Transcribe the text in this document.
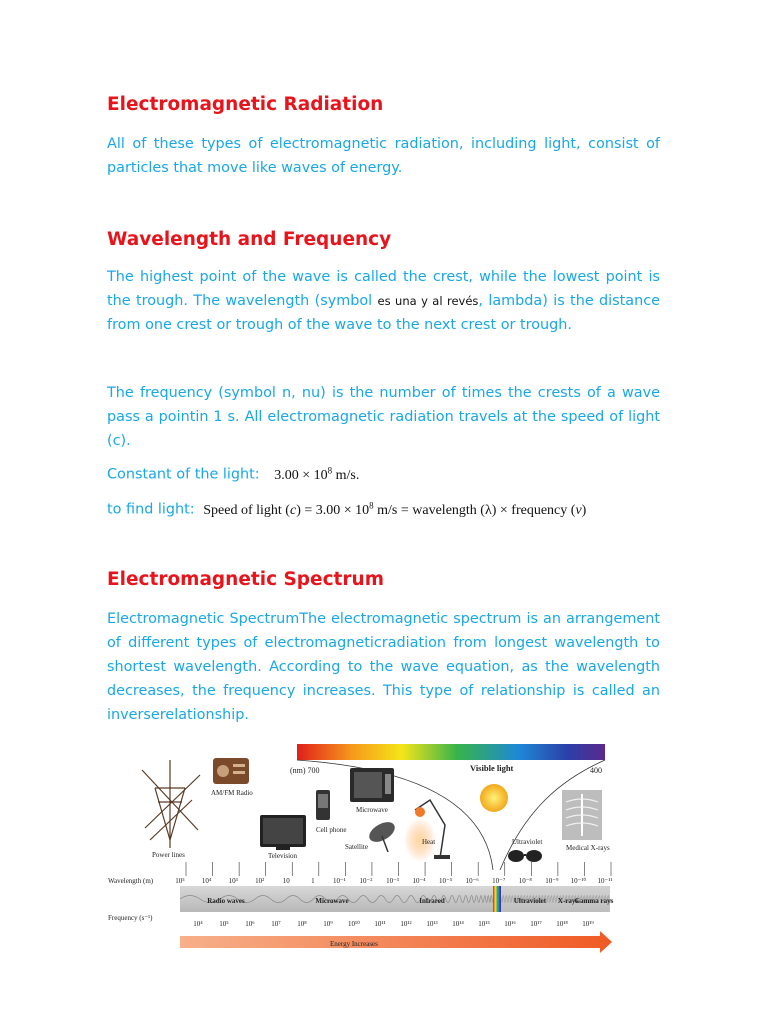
Electromagnetic Radiation

All of these types of electromagnetic radiation, including light, consist of particles that move like waves of energy.

Wavelength and Frequency

The highest point of the wave is called the crest, while the lowest point is the trough. The wavelength (symbol es una y al revés, lambda) is the distance from one crest or trough of the wave to the next crest or trough.

The frequency (symbol n, nu) is the number of times the crests of a wave pass a pointin 1 s. All electromagnetic radiation travels at the speed of light (c).

Constant of the light: $3.00 \times 10^8$ m/s.
to find light: Speed of light $(c) = 3.00 \times 10^8$ m/s = wavelength (λ) × frequency (ν)
Electromagnetic Spectrum

Electromagnetic SpectrumThe electromagnetic spectrum is an arrangement of different types of electromagneticradiation from longest wavelength to shortest wavelength. According to the wave equation, as the wavelength decreases, the frequency increases. This type of relationship is called an inverserelationship.

(nm) 700	Visible light	400
Power lines
AM/FM Radio
Television
Cell phone
Microwave
Satellite
Heat	Ultraviolet
Medical X-rays
Wavelength (m)	10⁵ 10⁴ 10³ 10²	10	1	10⁻¹ 10⁻² 10⁻³ 10⁻⁴ 10⁻⁵ 10⁻⁶ 10⁻⁷ 10⁻⁸ 10⁻⁹ 10⁻¹⁰ 10⁻¹¹
Radio waves	Microwave	Infrared	Ultraviolet X-rays
Gamma rays
Frequency (s⁻¹)
10⁴ 10⁵ 10⁶ 10⁷ 10⁸ 10⁹ 10¹⁰ 10¹¹ 10¹² 10¹³ 10¹⁴ 10¹⁵ 10¹⁶ 10¹⁷ 10¹⁸ 10¹⁹
Energy Increases
